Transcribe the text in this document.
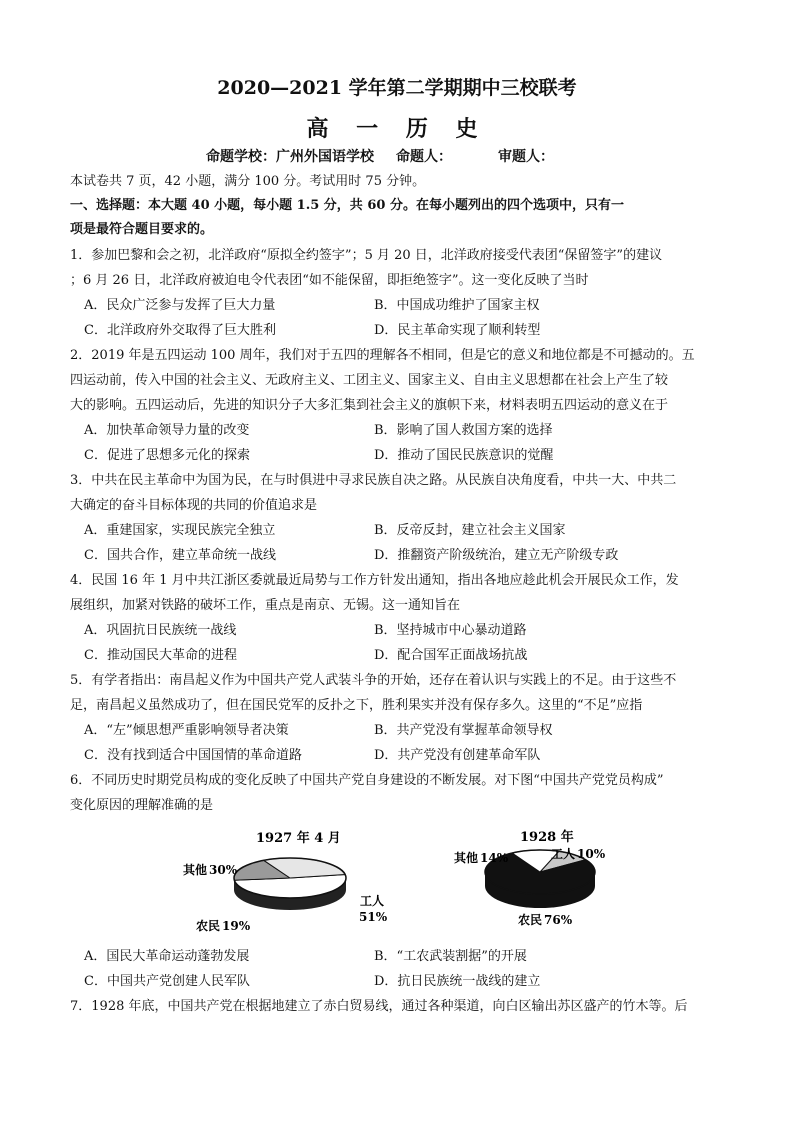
2020—2021 学年第二学期期中三校联考
高 一 历 史
命题学校：广州外国语学校 命题人：	审题人：
本试卷共 7 页，42 小题，满分 100 分。考试用时 75 分钟。
一、选择题：本大题 40 小题，每小题 1.5 分，共 60 分。在每小题列出的四个选项中，只有一
项是最符合题目要求的。
1．参加巴黎和会之初，北洋政府“原拟全约签字”；5 月 20 日，北洋政府接受代表团“保留签字”的建议
；6 月 26 日，北洋政府被迫电令代表团“如不能保留，即拒绝签字”。这一变化反映了当时
A．民众广泛参与发挥了巨大力量	B．中国成功维护了国家主权
C．北洋政府外交取得了巨大胜利	D．民主革命实现了顺利转型
2．2019 年是五四运动 100 周年，我们对于五四的理解各不相同，但是它的意义和地位都是不可撼动的。五
四运动前，传入中国的社会主义、无政府主义、工团主义、国家主义、自由主义思想都在社会上产生了较
大的影响。五四运动后，先进的知识分子大多汇集到社会主义的旗帜下来，材料表明五四运动的意义在于
A．加快革命领导力量的改变	B．影响了国人救国方案的选择
C．促进了思想多元化的探索	D．推动了国民民族意识的觉醒
3．中共在民主革命中为国为民，在与时俱进中寻求民族自决之路。从民族自决角度看，中共一大、中共二
大确定的奋斗目标体现的共同的价值追求是
A．重建国家，实现民族完全独立	B．反帝反封，建立社会主义国家
C．国共合作，建立革命统一战线	D．推翻资产阶级统治，建立无产阶级专政
4．民国 16 年 1 月中共江浙区委就最近局势与工作方针发出通知，指出各地应趁此机会开展民众工作，发
展组织，加紧对铁路的破坏工作，重点是南京、无锡。这一通知旨在
A．巩固抗日民族统一战线	B．坚持城市中心暴动道路
C．推动国民大革命的进程	D．配合国军正面战场抗战
5．有学者指出：南昌起义作为中国共产党人武装斗争的开始，还存在着认识与实践上的不足。由于这些不
足，南昌起义虽然成功了，但在国民党军的反扑之下，胜利果实并没有保存多久。这里的“不足”应指
A．“左”倾思想严重影响领导者决策	B．共产党没有掌握革命领导权
C．没有找到适合中国国情的革命道路	D．共产党没有创建革命军队
6．不同历史时期党员构成的变化反映了中国共产党自身建设的不断发展。对下图“中国共产党党员构成”
变化原因的理解准确的是
1927 年 4 月
其他 30%
农民 19%
工人
51%
1928 年
其他 14%	工人 10%
农民 76%
A．国民大革命运动蓬勃发展	B．“工农武装割据”的开展
C．中国共产党创建人民军队	D．抗日民族统一战线的建立
7．1928 年底，中国共产党在根据地建立了赤白贸易线，通过各种渠道，向白区输出苏区盛产的竹木等。后
